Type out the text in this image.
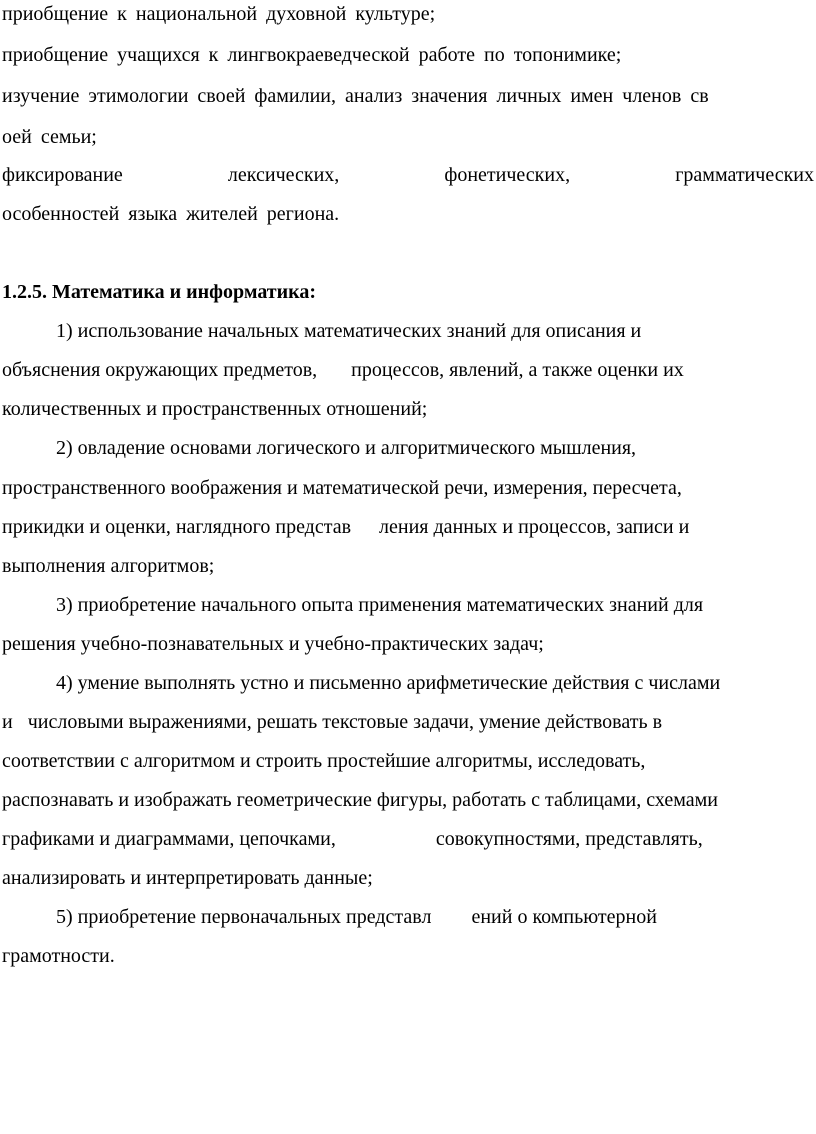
приобщение к национальной духовной культуре;
приобщение учащихся к лингвокраеведческой работе по топонимике;
изучение этимологии своей фамилии, анализ значения личных имен членов св
оей семьи;
фиксирование	лексических,	фонетических,	грамматических
особенностей языка жителей региона.
1.2.5. Математика и информатика:
1) использование начальных математических знаний для описания и
объяснения окружающих предметов, процессов, явлений, а также оценки их
количественных и пространственных отношений;
2) овладение основами логического и алгоритмического мышления,
пространственного воображения и математической речи, измерения, пересчета,
прикидки и оценки, наглядного представ ления данных и процессов, записи и
выполнения алгоритмов;
3) приобретение начального опыта применения математических знаний для
решения учебно-познавательных и учебно-практических задач;
4) умение выполнять устно и письменно арифметические действия с числами
и   числовыми выражениями, решать текстовые задачи, умение действовать в
соответствии с алгоритмом и строить простейшие алгоритмы, исследовать,
распознавать и изображать геометрические фигуры, работать с таблицами, схемами
графиками и диаграммами, цепочками,	совокупностями, представлять,
анализировать и интерпретировать данные;
5) приобретение первоначальных представл ений о компьютерной
грамотности.
